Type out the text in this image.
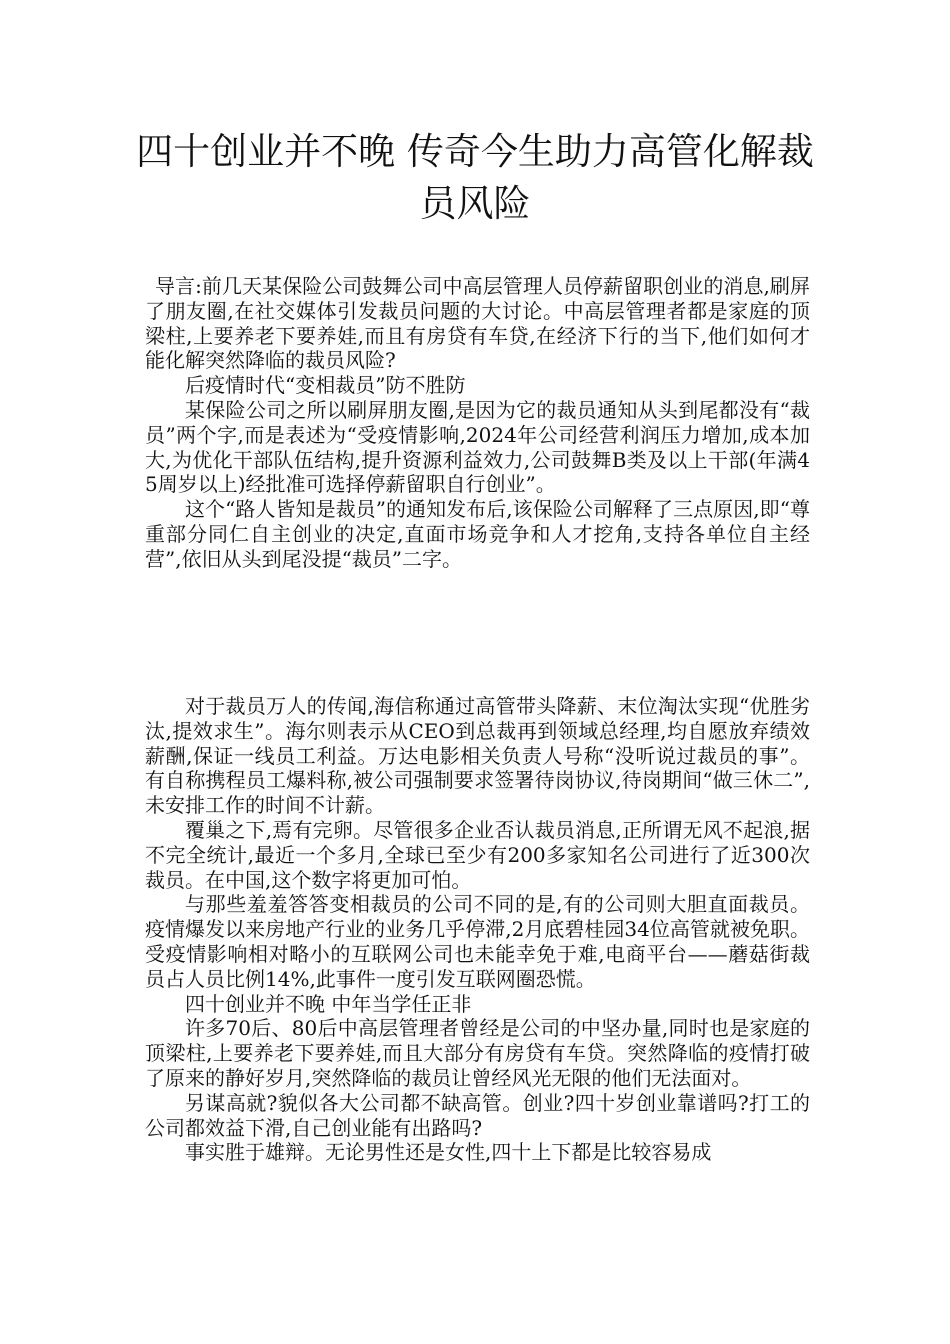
四十创业并不晚 传奇今生助力高管化解裁员风险

导言:前几天某保险公司鼓舞公司中高层管理人员停薪留职创业的消息,刷屏了朋友圈,在社交媒体引发裁员问题的大讨论。中高层管理者都是家庭的顶梁柱,上要养老下要养娃,而且有房贷有车贷,在经济下行的当下,他们如何才能化解突然降临的裁员风险?

后疫情时代“变相裁员”防不胜防

某保险公司之所以刷屏朋友圈,是因为它的裁员通知从头到尾都没有“裁员”两个字,而是表述为“受疫情影响,2024年公司经营利润压力增加,成本加大,为优化干部队伍结构,提升资源利益效力,公司鼓舞B类及以上干部(年满45周岁以上)经批准可选择停薪留职自行创业”。

这个“路人皆知是裁员”的通知发布后,该保险公司解释了三点原因,即“尊重部分同仁自主创业的决定,直面市场竞争和人才挖角,支持各单位自主经营”,依旧从头到尾没提“裁员”二字。

对于裁员万人的传闻,海信称通过高管带头降薪、末位淘汰实现“优胜劣汰,提效求生”。海尔则表示从CEO到总裁再到领域总经理,均自愿放弃绩效薪酬,保证一线员工利益。万达电影相关负责人号称“没听说过裁员的事”。有自称携程员工爆料称,被公司强制要求签署待岗协议,待岗期间“做三休二”,未安排工作的时间不计薪。

覆巢之下,焉有完卵。尽管很多企业否认裁员消息,正所谓无风不起浪,据不完全统计,最近一个多月,全球已至少有200多家知名公司进行了近300次裁员。在中国,这个数字将更加可怕。

与那些羞羞答答变相裁员的公司不同的是,有的公司则大胆直面裁员。疫情爆发以来房地产行业的业务几乎停滞,2月底碧桂园34位高管就被免职。受疫情影响相对略小的互联网公司也未能幸免于难,电商平台——蘑菇街裁员占人员比例14%,此事件一度引发互联网圈恐慌。

四十创业并不晚 中年当学任正非

许多70后、80后中高层管理者曾经是公司的中坚办量,同时也是家庭的顶梁柱,上要养老下要养娃,而且大部分有房贷有车贷。突然降临的疫情打破了原来的静好岁月,突然降临的裁员让曾经风光无限的他们无法面对。

另谋高就?貌似各大公司都不缺高管。创业?四十岁创业靠谱吗?打工的公司都效益下滑,自己创业能有出路吗?

事实胜于雄辩。无论男性还是女性,四十上下都是比较容易成
